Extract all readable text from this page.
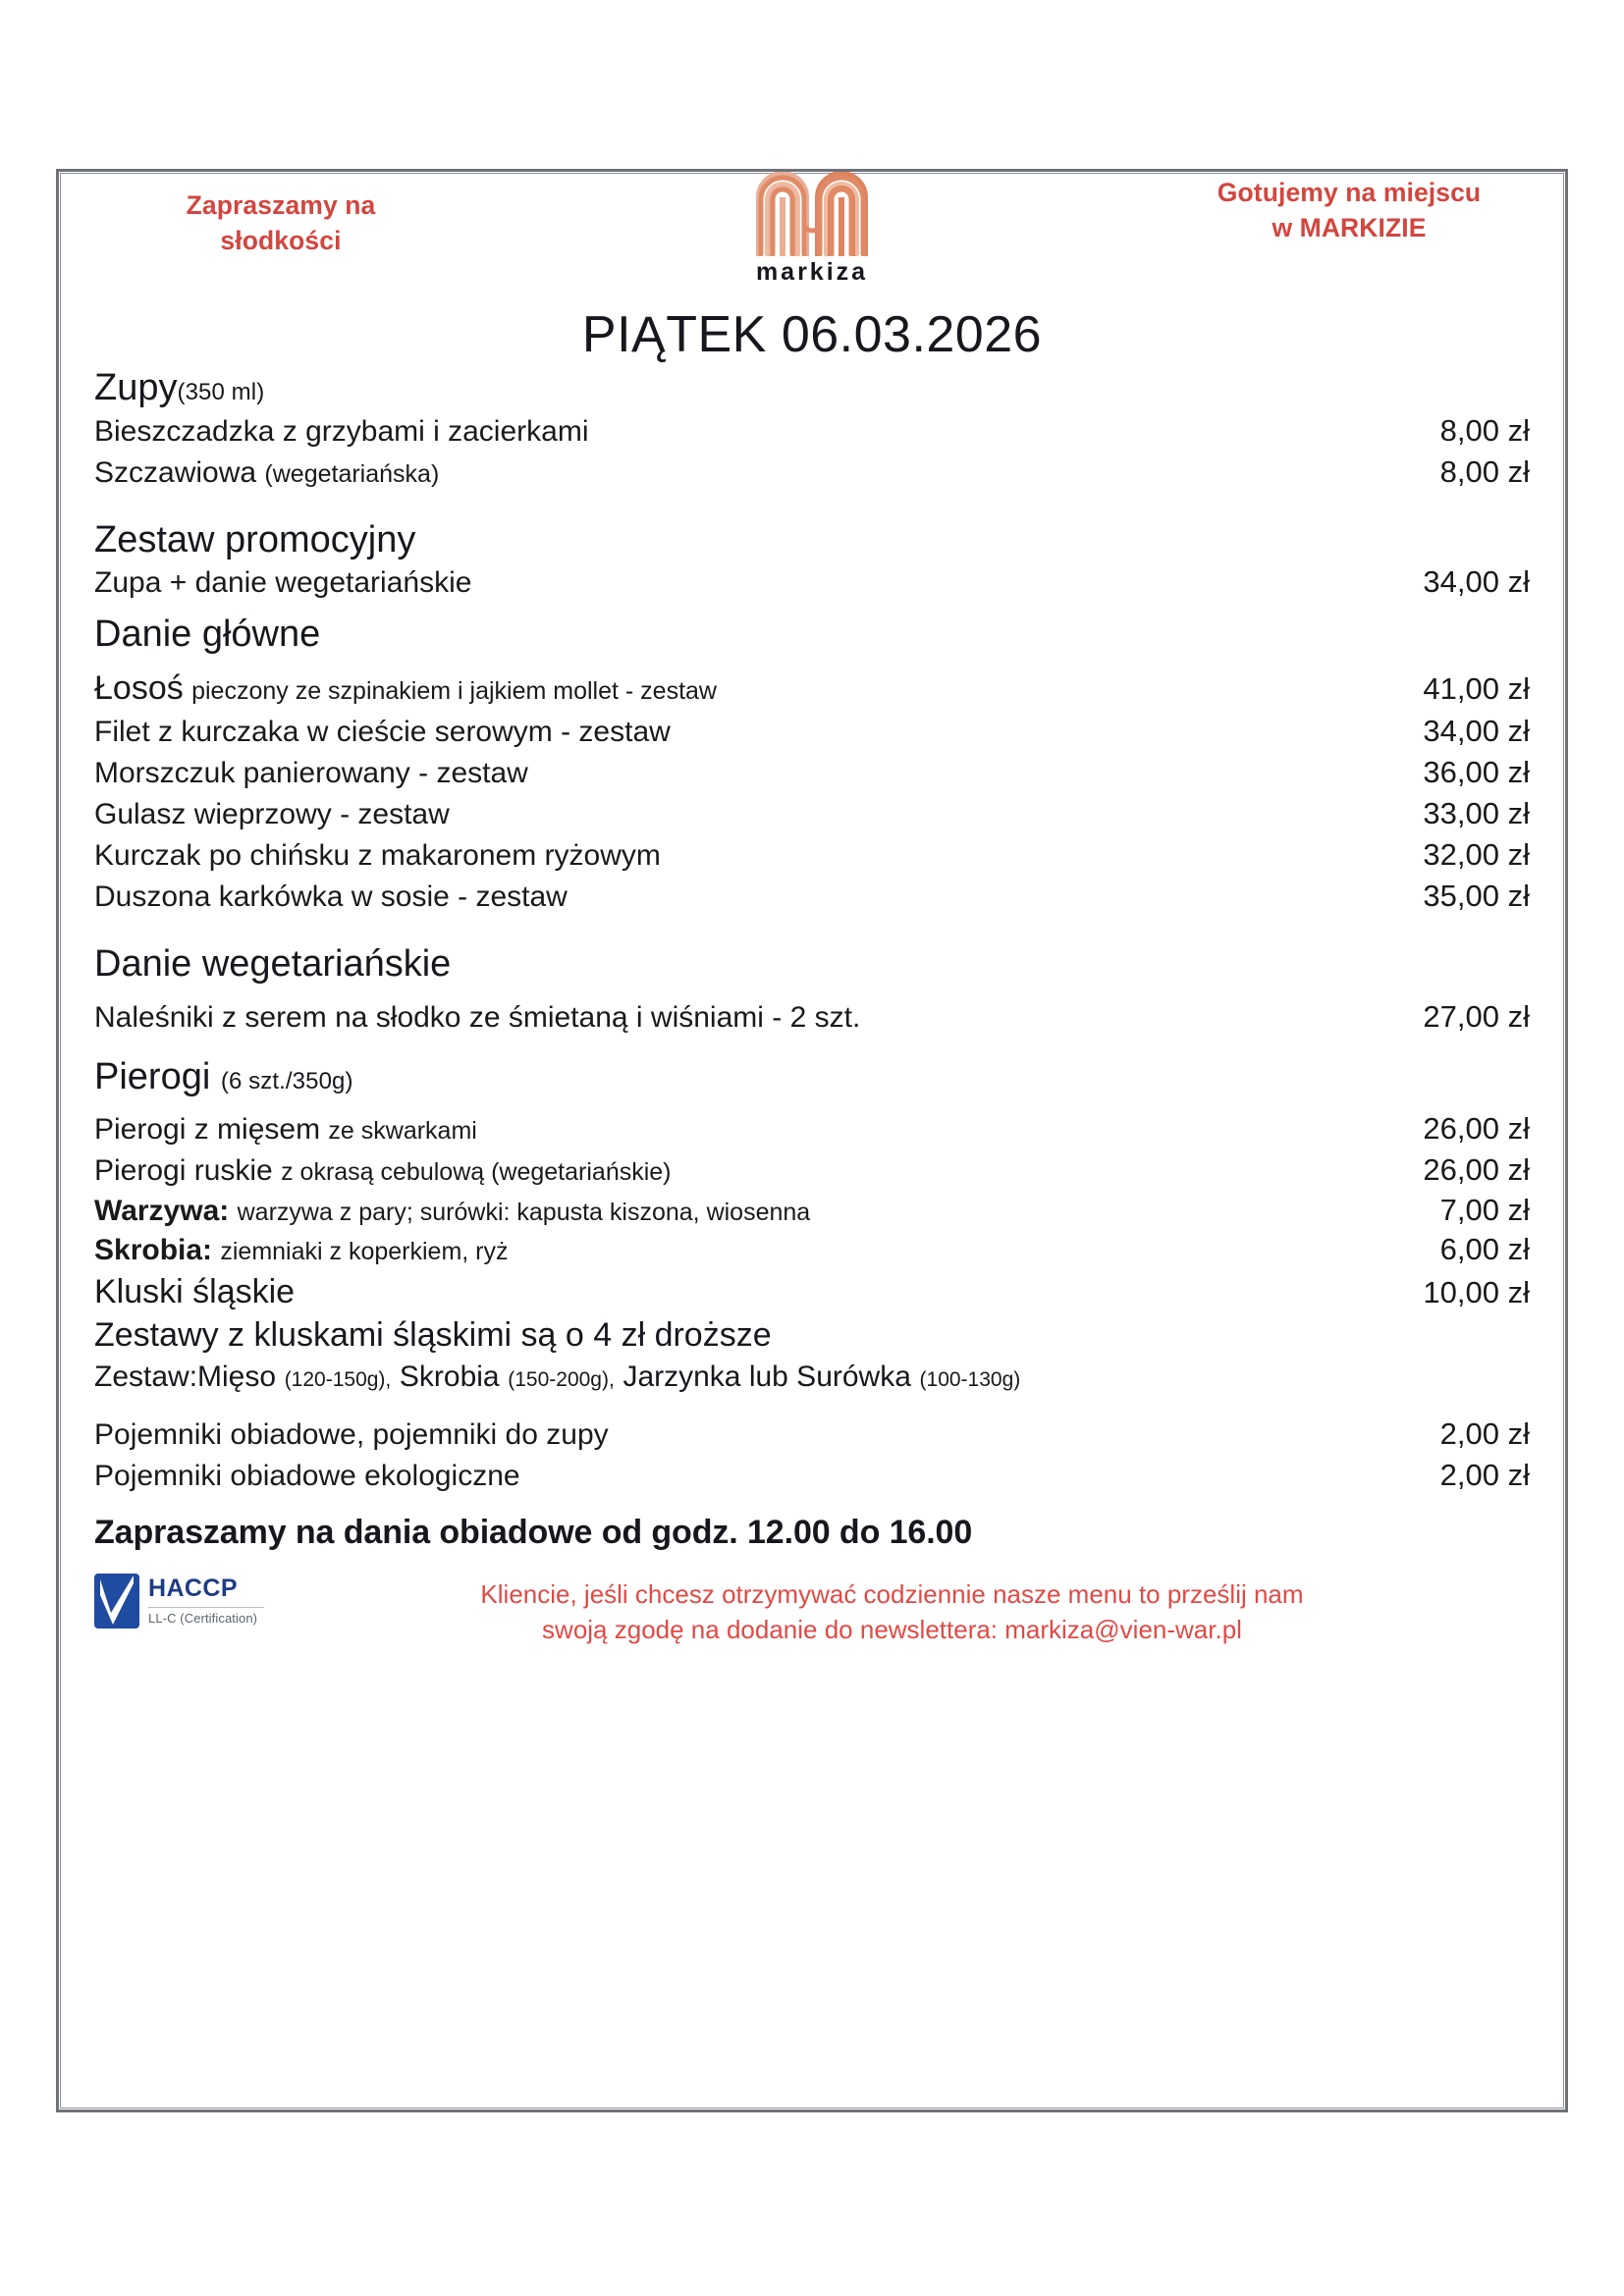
Zapraszamy na
słodkości
markiza
Gotujemy na miejscu
w MARKIZIE
PIĄTEK 06.03.2026
Zupy(350 ml)
Bieszczadzka z grzybami i zacierkami	8,00 zł
Szczawiowa (wegetariańska)	8,00 zł
Zestaw promocyjny
Zupa + danie wegetariańskie	34,00 zł
Danie główne
Łosoś pieczony ze szpinakiem i jajkiem mollet - zestaw	41,00 zł
Filet z kurczaka w cieście serowym - zestaw	34,00 zł
Morszczuk panierowany - zestaw	36,00 zł
Gulasz wieprzowy - zestaw	33,00 zł
Kurczak po chińsku z makaronem ryżowym	32,00 zł
Duszona karkówka w sosie - zestaw	35,00 zł
Danie wegetariańskie
Naleśniki z serem na słodko ze śmietaną i wiśniami - 2 szt.	27,00 zł
Pierogi (6 szt./350g)
Pierogi z mięsem ze skwarkami	26,00 zł
Pierogi ruskie z okrasą cebulową (wegetariańskie)	26,00 zł
Warzywa: warzywa z pary; surówki: kapusta kiszona, wiosenna	7,00 zł
Skrobia: ziemniaki z koperkiem, ryż	6,00 zł
Kluski śląskie	10,00 zł
Zestawy z kluskami śląskimi są o 4 zł droższe
Zestaw:Mięso (120-150g), Skrobia (150-200g), Jarzynka lub Surówka (100-130g)
Pojemniki obiadowe, pojemniki do zupy	2,00 zł
Pojemniki obiadowe ekologiczne	2,00 zł
Zapraszamy na dania obiadowe od godz. 12.00 do 16.00
HACCP
LL-C (Certification)
Kliencie, jeśli chcesz otrzymywać codziennie nasze menu to prześlij nam
swoją zgodę na dodanie do newslettera: markiza@vien-war.pl
